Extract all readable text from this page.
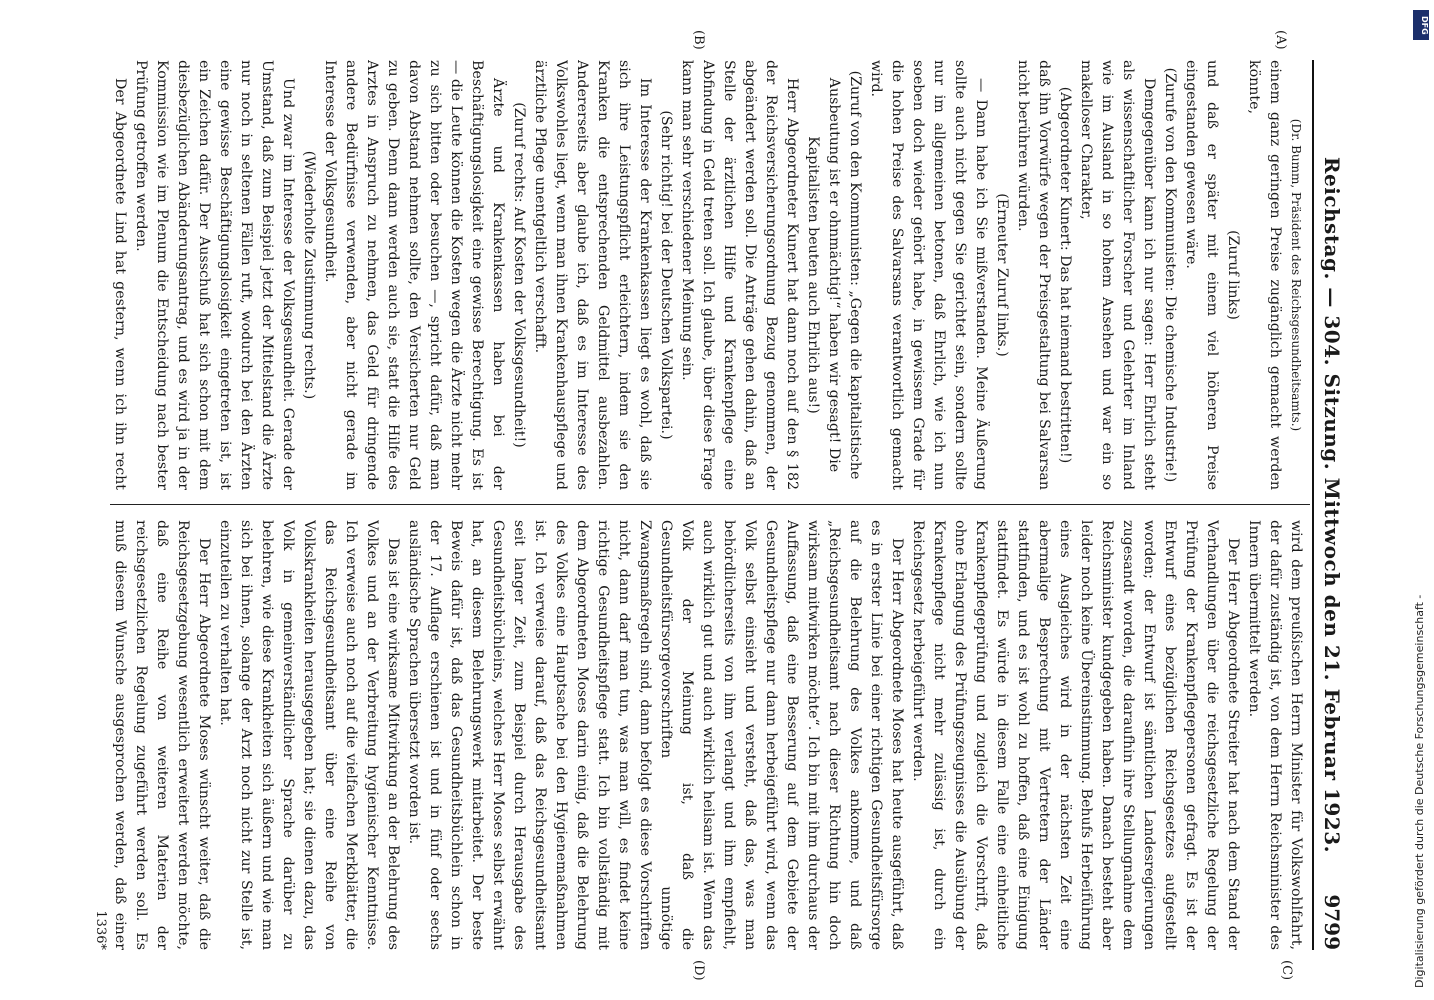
Reichstag. — 304. Sitzung. Mittwoch den 21. Februar 1923.
9799
(A)
(B)
(C)
(D)

(Dr. Bumm, Präsident des Reichsgesundheitsamts.)

einem ganz geringen Preise zugänglich gemacht werden könnte,

(Zuruf links)

und daß er später mit einem viel höheren Preise eingestanden gewesen wäre.

(Zurufe von den Kommunisten: Die chemische Industrie!)

Demgegenüber kann ich nur sagen: Herr Ehrlich steht als wissenschaftlicher Forscher und Gelehrter im Inland wie im Ausland in so hohem Ansehen und war ein so makelloser Charakter,

(Abgeordneter Kunert: Das hat niemand bestritten!)

daß ihn Vorwürfe wegen der Preisgestaltung bei Salvarsan nicht berühren würden.

(Erneuter Zuruf links.)

— Dann habe ich Sie mißverstanden. Meine Äußerung sollte auch nicht gegen Sie gerichtet sein, sondern sollte nur im allgemeinen betonen, daß Ehrlich, wie ich nun soeben doch wieder gehört habe, in gewissem Grade für die hohen Preise des Salvarsans verantwortlich gemacht wird.

(Zuruf von den Kommunisten: „Gegen die kapitalistische Ausbeutung ist er ohnmächtig!“ haben wir gesagt! Die Kapitalisten beuten auch Ehrlich aus!)

Herr Abgeordneter Kunert hat dann noch auf den § 182 der Reichsversicherungsordnung Bezug genommen, der abgeändert werden soll. Die Anträge gehen dahin, daß an Stelle der ärztlichen Hilfe und Krankenpflege eine Abfindung in Geld treten soll. Ich glaube, über diese Frage kann man sehr verschiedener Meinung sein.

(Sehr richtig! bei der Deutschen Volkspartei.)

Im Interesse der Krankenkassen liegt es wohl, daß sie sich ihre Leistungspflicht erleichtern, indem sie den Kranken die entsprechenden Geldmittel ausbezahlen. Andererseits aber glaube ich, daß es im Interesse des Volkswohles liegt, wenn man ihnen Krankenhauspflege und ärztliche Pflege unentgeltlich verschafft.

(Zuruf rechts: Auf Kosten der Volksgesundheit!)

Ärzte und Krankenkassen haben bei der Beschäftigungslosigkeit eine gewisse Berechtigung. Es ist — die Leute können die Kosten wegen die Ärzte nicht mehr zu sich bitten oder besuchen —, spricht dafür, daß man davon Abstand nehmen sollte, den Versicherten nur Geld zu geben. Denn dann werden auch sie, statt die Hilfe des Arztes in Anspruch zu nehmen, das Geld für dringende andere Bedürfnisse verwenden, aber nicht gerade im Interesse der Volksgesundheit.

(Wiederholte Zustimmung rechts.)

Und zwar im Interesse der Volksgesundheit. Gerade der Umstand, daß zum Beispiel jetzt der Mittelstand die Ärzte nur noch in seltenen Fällen ruft, wodurch bei den Ärzten eine gewisse Beschäftigungslosigkeit eingetreten ist, ist ein Zeichen dafür. Der Ausschuß hat sich schon mit dem diesbezüglichen Abänderungsantrag, und es wird ja in der Kommission wie im Plenum die Entscheidung nach bester Prüfung getroffen werden.

Der Abgeordnete Lind hat gestern, wenn ich ihn recht

wird dem preußischen Herrn Minister für Volkswohlfahrt, der dafür zuständig ist, von dem Herrn Reichsminister des Innern übermittelt werden.

Der Herr Abgeordnete Streiter hat nach dem Stand der Verhandlungen über die reichsgesetzliche Regelung der Prüfung der Krankenpflegepersonen gefragt. Es ist der Entwurf eines bezüglichen Reichsgesetzes aufgestellt worden; der Entwurf ist sämtlichen Landesregierungen zugesandt worden, die daraufhin ihre Stellungnahme dem Reichsminister kundgegeben haben. Danach besteht aber leider noch keine Übereinstimmung. Behufs Herbeiführung eines Ausgleiches wird in der nächsten Zeit eine abermalige Besprechung mit Vertretern der Länder stattfinden, und es ist wohl zu hoffen, daß eine Einigung stattfindet. Es würde in diesem Falle eine einheitliche Krankenpflegeprüfung und zugleich die Vorschrift, daß ohne Erlangung des Prüfungszeugnisses die Ausübung der Krankenpflege nicht mehr zulässig ist, durch ein Reichsgesetz herbeigeführt werden.

Der Herr Abgeordnete Moses hat heute ausgeführt, daß es in erster Linie bei einer richtigen Gesundheitsfürsorge auf die Belehrung des Volkes ankomme, und daß „Reichsgesundheitsamt nach dieser Richtung hin doch wirksam mitwirken möchte“. Ich bin mit ihm durchaus der Auffassung, daß eine Besserung auf dem Gebiete der Gesundheitspflege nur dann herbeigeführt wird, wenn das Volk selbst einsieht und versteht, daß das, was man behördlicherseits von ihm verlangt und ihm empfiehlt, auch wirklich gut und auch wirklich heilsam ist. Wenn das Volk der Meinung ist, daß die Gesundheitsfürsorgevorschriften unnötige Zwangsmaßregeln sind, dann befolgt es diese Vorschriften nicht, dann darf man tun, was man will, es findet keine richtige Gesundheitspflege statt. Ich bin vollständig mit dem Abgeordneten Moses darin einig, daß die Belehrung des Volkes eine Hauptsache bei den Hygienemaßnahmen ist. Ich verweise darauf, daß das Reichsgesundheitsamt seit langer Zeit, zum Beispiel durch Herausgabe des Gesundheitsbüchleins, welches Herr Moses selbst erwähnt hat, an diesem Belehrungswerk mitarbeitet. Der beste Beweis dafür ist, daß das Gesundheitsbüchlein schon in der 17. Auflage erschienen ist und in fünf oder sechs ausländische Sprachen übersetzt worden ist.

Das ist eine wirksame Mitwirkung an der Belehrung des Volkes und an der Verbreitung hygienischer Kenntnisse. Ich verweise auch noch auf die vielfachen Merkblätter, die das Reichsgesundheitsamt über eine Reihe von Volkskrankheiten herausgegeben hat; sie dienen dazu, das Volk in gemeinverständlicher Sprache darüber zu belehren, wie diese Krankheiten sich äußern und wie man sich bei ihnen, solange der Arzt noch nicht zur Stelle ist, einzuteilen zu verhalten hat.

Der Herr Abgeordnete Moses wünscht weiter, daß die Reichsgesetzgebung wesentlich erweitert werden möchte, daß eine Reihe von weiteren Materien der reichsgesetzlichen Regelung zugeführt werden soll. Es muß diesem Wunsche ausgesprochen werden, daß einer

1336*
DFG
Digitalisierung gefördert durch die Deutsche Forschungsgemeinschaft -
